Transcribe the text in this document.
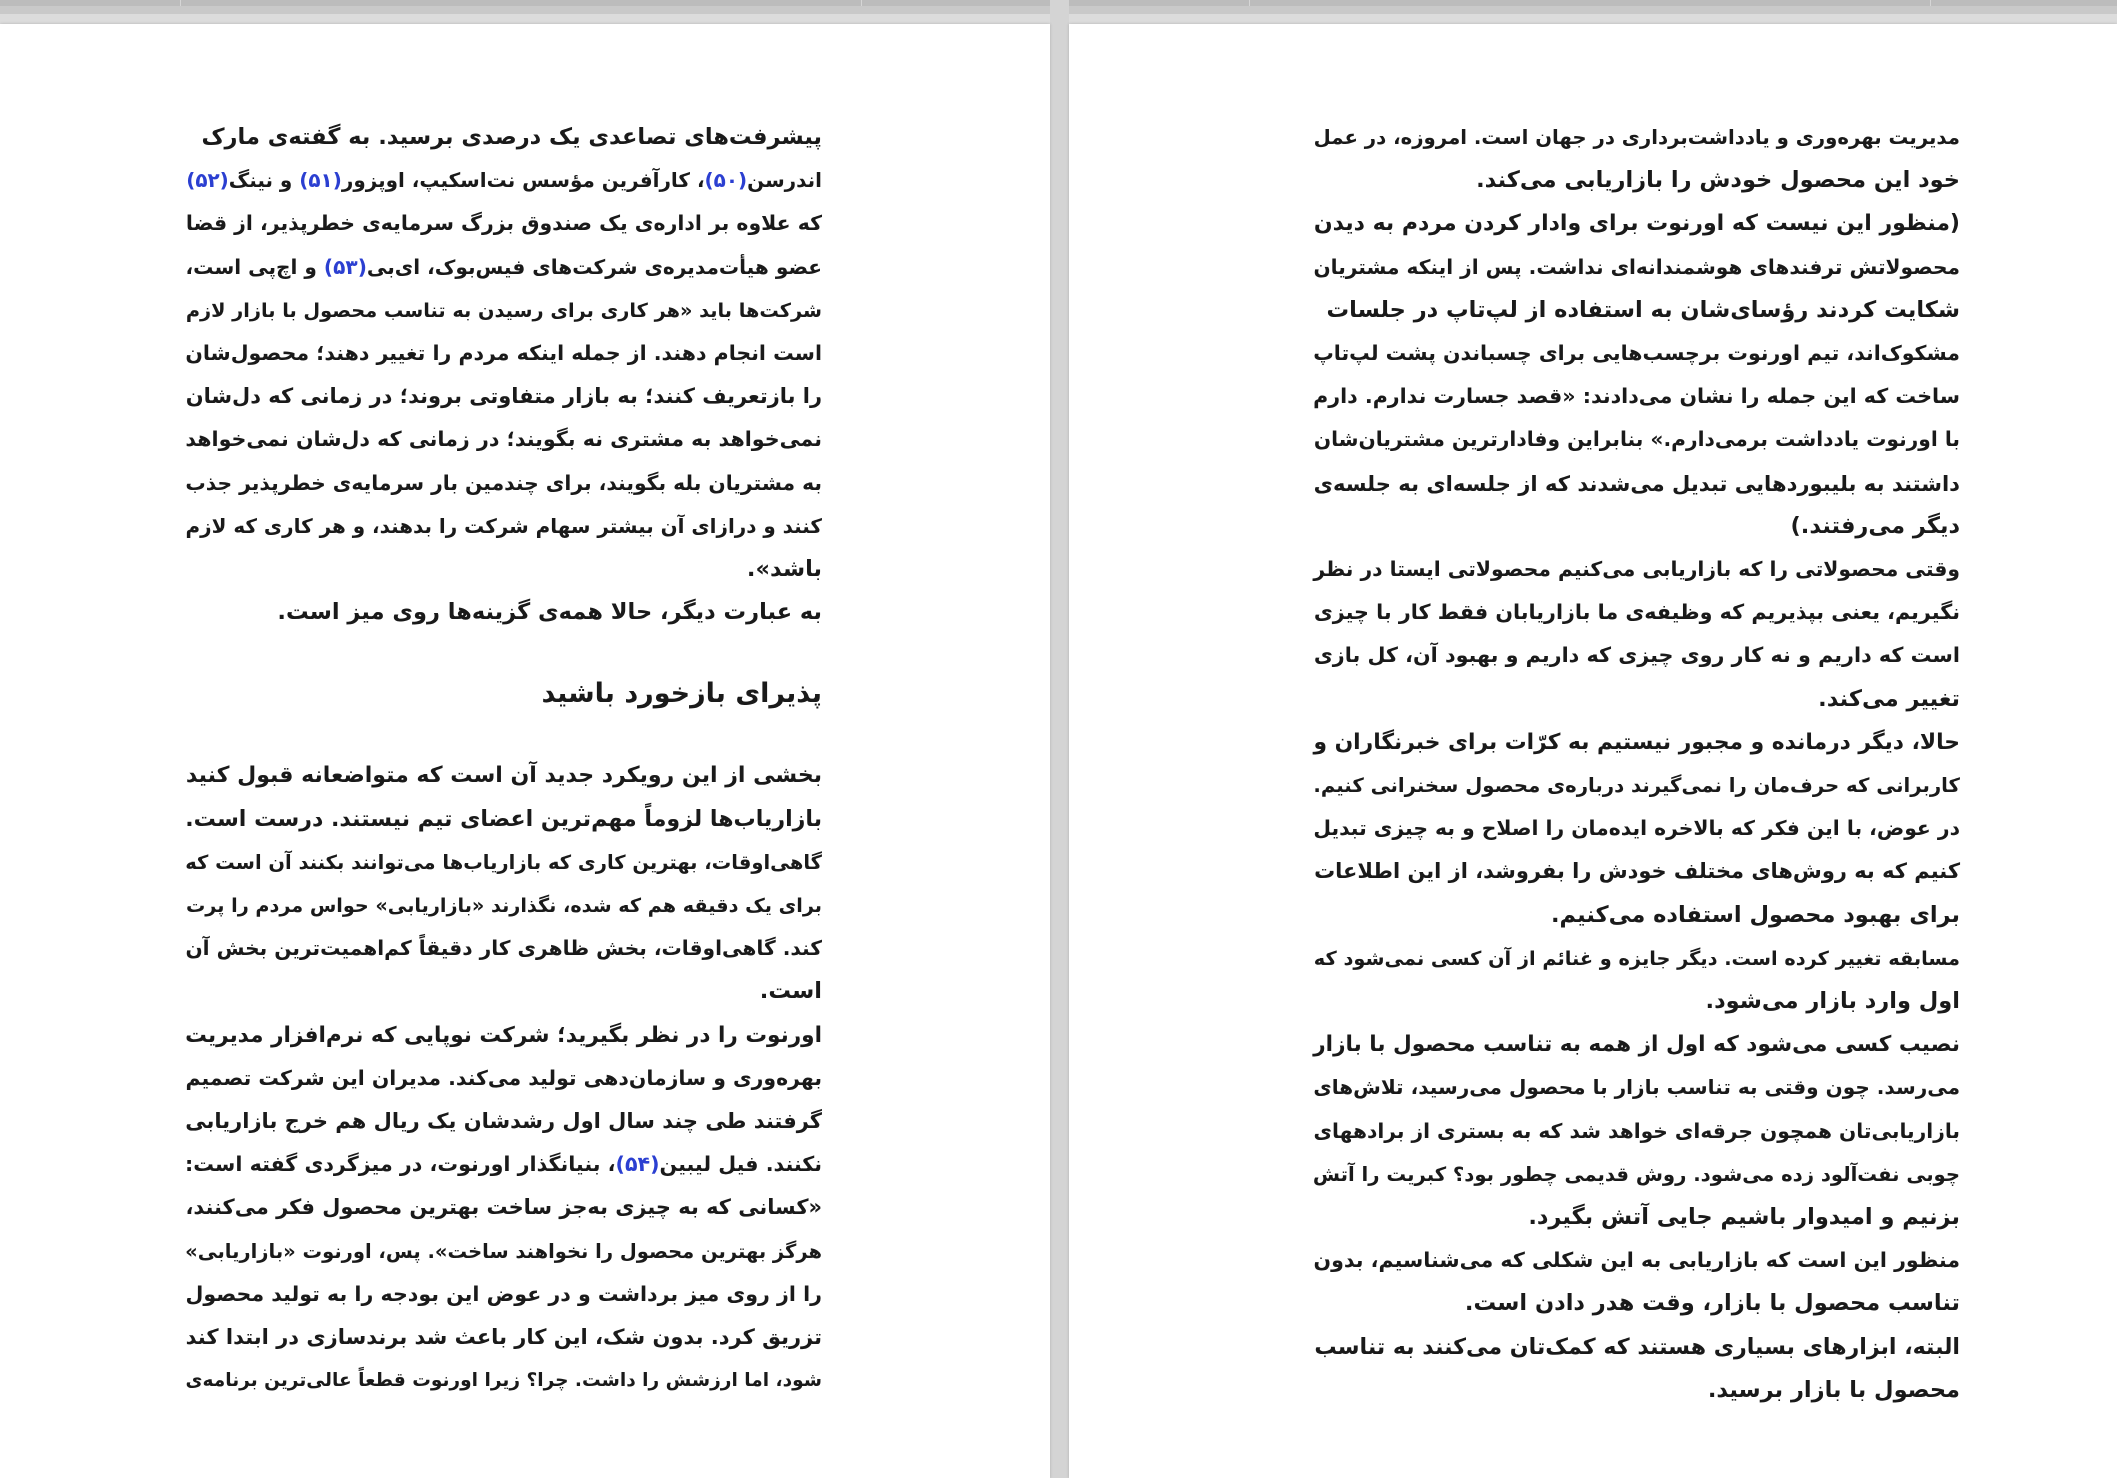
پیشرفت‌های تصاعدی یک درصدی برسید. به گفته‌ی مارک
اندرسن(۵۰)، کارآفرین مؤسس نت‌اسکیپ، اوپزور(۵۱) و نینگ(۵۲)
که علاوه بر اداره‌ی یک صندوق بزرگ سرمایه‌ی خطرپذیر، از قضا
عضو هیأت‌مدیره‌ی شرکت‌های فیس‌بوک، ای‌بی(۵۳) و اچ‌پی است،
شرکت‌ها باید «هر کاری برای رسیدن به تناسب محصول با بازار لازم
است انجام دهند. از جمله اینکه مردم را تغییر دهند؛ محصول‌شان
را بازتعریف کنند؛ به بازار متفاوتی بروند؛ در زمانی که دل‌شان
نمی‌خواهد به مشتری نه بگویند؛ در زمانی که دل‌شان نمی‌خواهد
به مشتریان بله بگویند، برای چندمین بار سرمایه‌ی خطرپذیر جذب
کنند و درازای آن بیشتر سهام شرکت را بدهند، و هر کاری که لازم
باشد».

به عبارت دیگر، حالا همه‌ی گزینه‌ها روی میز است.

پذیرای بازخورد باشید

بخشی از این رویکرد جدید آن است که متواضعانه قبول کنید
بازاریاب‌ها لزوماً مهم‌ترین اعضای تیم نیستند. درست است.
گاهی‌اوقات، بهترین کاری که بازاریاب‌ها می‌توانند بکنند آن است که
برای یک دقیقه هم که شده، نگذارند «بازاریابی» حواس مردم را پرت
کند. گاهی‌اوقات، بخش ظاهری کار دقیقاً کم‌اهمیت‌ترین بخش آن
است.

اورنوت را در نظر بگیرید؛ شرکت نوپایی که نرم‌افزار مدیریت
بهره‌وری و سازمان‌دهی تولید می‌کند. مدیران این شرکت تصمیم
گرفتند طی چند سال اول رشدشان یک ریال هم خرج بازاریابی
نکنند. فیل لیبین(۵۴)، بنیانگذار اورنوت، در میزگردی گفته است:
«کسانی که به چیزی به‌جز ساخت بهترین محصول فکر می‌کنند،
هرگز بهترین محصول را نخواهند ساخت». پس، اورنوت «بازاریابی»
را از روی میز برداشت و در عوض این بودجه را به تولید محصول
تزریق کرد. بدون شک، این کار باعث شد برندسازی در ابتدا کند
شود، اما ارزشش را داشت. چرا؟ زیرا اورنوت قطعاً عالی‌ترین برنامه‌ی

مدیریت بهره‌وری و یادداشت‌برداری در جهان است. امروزه، در عمل
خود این محصول خودش را بازاریابی می‌کند.

(منظور این نیست که اورنوت برای وادار کردن مردم به دیدن
محصولاتش ترفندهای هوشمندانه‌ای نداشت. پس از اینکه مشتریان
شکایت کردند رؤسای‌شان به استفاده از لپ‌تاپ در جلسات
مشکوک‌اند، تیم اورنوت برچسب‌هایی برای چسباندن پشت لپ‌تاپ
ساخت که این جمله را نشان می‌دادند: «قصد جسارت ندارم. دارم
با اورنوت یادداشت برمی‌دارم.» بنابراین وفادارترین مشتریان‌شان
داشتند به بلیبوردهایی تبدیل می‌شدند که از جلسه‌ای به جلسه‌ی
دیگر می‌رفتند.)

وقتی محصولاتی را که بازاریابی می‌کنیم محصولاتی ایستا در نظر
نگیریم، یعنی بپذیریم که وظیفه‌ی ما بازاریابان فقط کار با چیزی
است که داریم و نه کار روی چیزی که داریم و بهبود آن، کل بازی
تغییر می‌کند.

حالا، دیگر درمانده و مجبور نیستیم به کرّات برای خبرنگاران و
کاربرانی که حرف‌مان را نمی‌گیرند درباره‌ی محصول سخنرانی کنیم.
در عوض، با این فکر که بالاخره ایده‌مان را اصلاح و به چیزی تبدیل
کنیم که به روش‌های مختلف خودش را بفروشد، از این اطلاعات
برای بهبود محصول استفاده می‌کنیم.

مسابقه تغییر کرده است. دیگر جایزه و غنائم از آن کسی نمی‌شود که
اول وارد بازار می‌شود.

نصیب کسی می‌شود که اول از همه به تناسب محصول با بازار
می‌رسد. چون وقتی به تناسب بازار با محصول می‌رسید، تلاش‌های
بازاریابی‌تان همچون جرقه‌ای خواهد شد که به بستری از برادههای
چوبی نفت‌آلود زده می‌شود. روش قدیمی چطور بود؟ کبریت را آتش
بزنیم و امیدوار باشیم جایی آتش بگیرد.

منظور این است که بازاریابی به این شکلی که می‌شناسیم، بدون
تناسب محصول با بازار، وقت هدر دادن است.

البته، ابزارهای بسیاری هستند که کمک‌تان می‌کنند به تناسب
محصول با بازار برسید.
